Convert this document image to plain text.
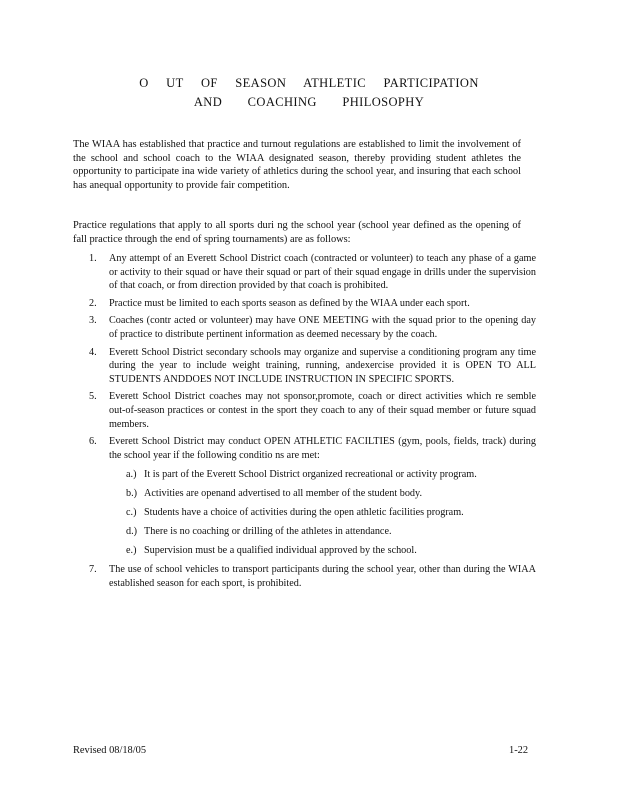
O UT OF SEASON ATHLETIC PARTICIPATION
AND COACHING PHILOSOPHY

The WIAA has established that practice and turnout regulations are established to limit the involvement of the school and school coach to the WIAA designated season, thereby providing student athletes the opportunity to participate ina wide variety of athletics during the school year, and insuring that each school has anequal opportunity to provide fair competition.

Practice regulations that apply to all sports duri ng the school year (school year defined as the opening of fall practice through the end of spring tournaments) are as follows:

1. Any attempt of an Everett School District coach (contracted or volunteer) to teach any phase of a game or activity to their squad or have their squad or part of their squad engage in drills under the supervision of that coach, or from direction provided by that coach is prohibited.
2. Practice must be limited to each sports season as defined by the WIAA under each sport.
3. Coaches (contr acted or volunteer) may have ONE MEETING with the squad prior to the opening day of practice to distribute pertinent information as deemed necessary by the coach.
4. Everett School District secondary schools may organize and supervise a conditioning program any time during the year to include weight training, running, andexercise provided it is OPEN TO ALL STUDENTS ANDDOES NOT INCLUDE INSTRUCTION IN SPECIFIC SPORTS.
5. Everett School District coaches may not sponsor,promote, coach or direct activities which re semble out-of-season practices or contest in the sport they coach to any of their squad member or future squad members.
6. Everett School District may conduct OPEN ATHLETIC FACILTIES (gym, pools, fields, track) during the school year if the following conditio ns are met:
a.) It is part of the Everett School District organized recreational or activity program.
b.) Activities are openand advertised to all member of the student body.
c.) Students have a choice of activities during the open athletic facilities program.
d.) There is no coaching or drilling of the athletes in attendance.
e.) Supervision must be a qualified individual approved by the school.
7. The use of school vehicles to transport participants during the school year, other than during the WIAA established season for each sport, is prohibited.
Revised 08/18/05	1-22
